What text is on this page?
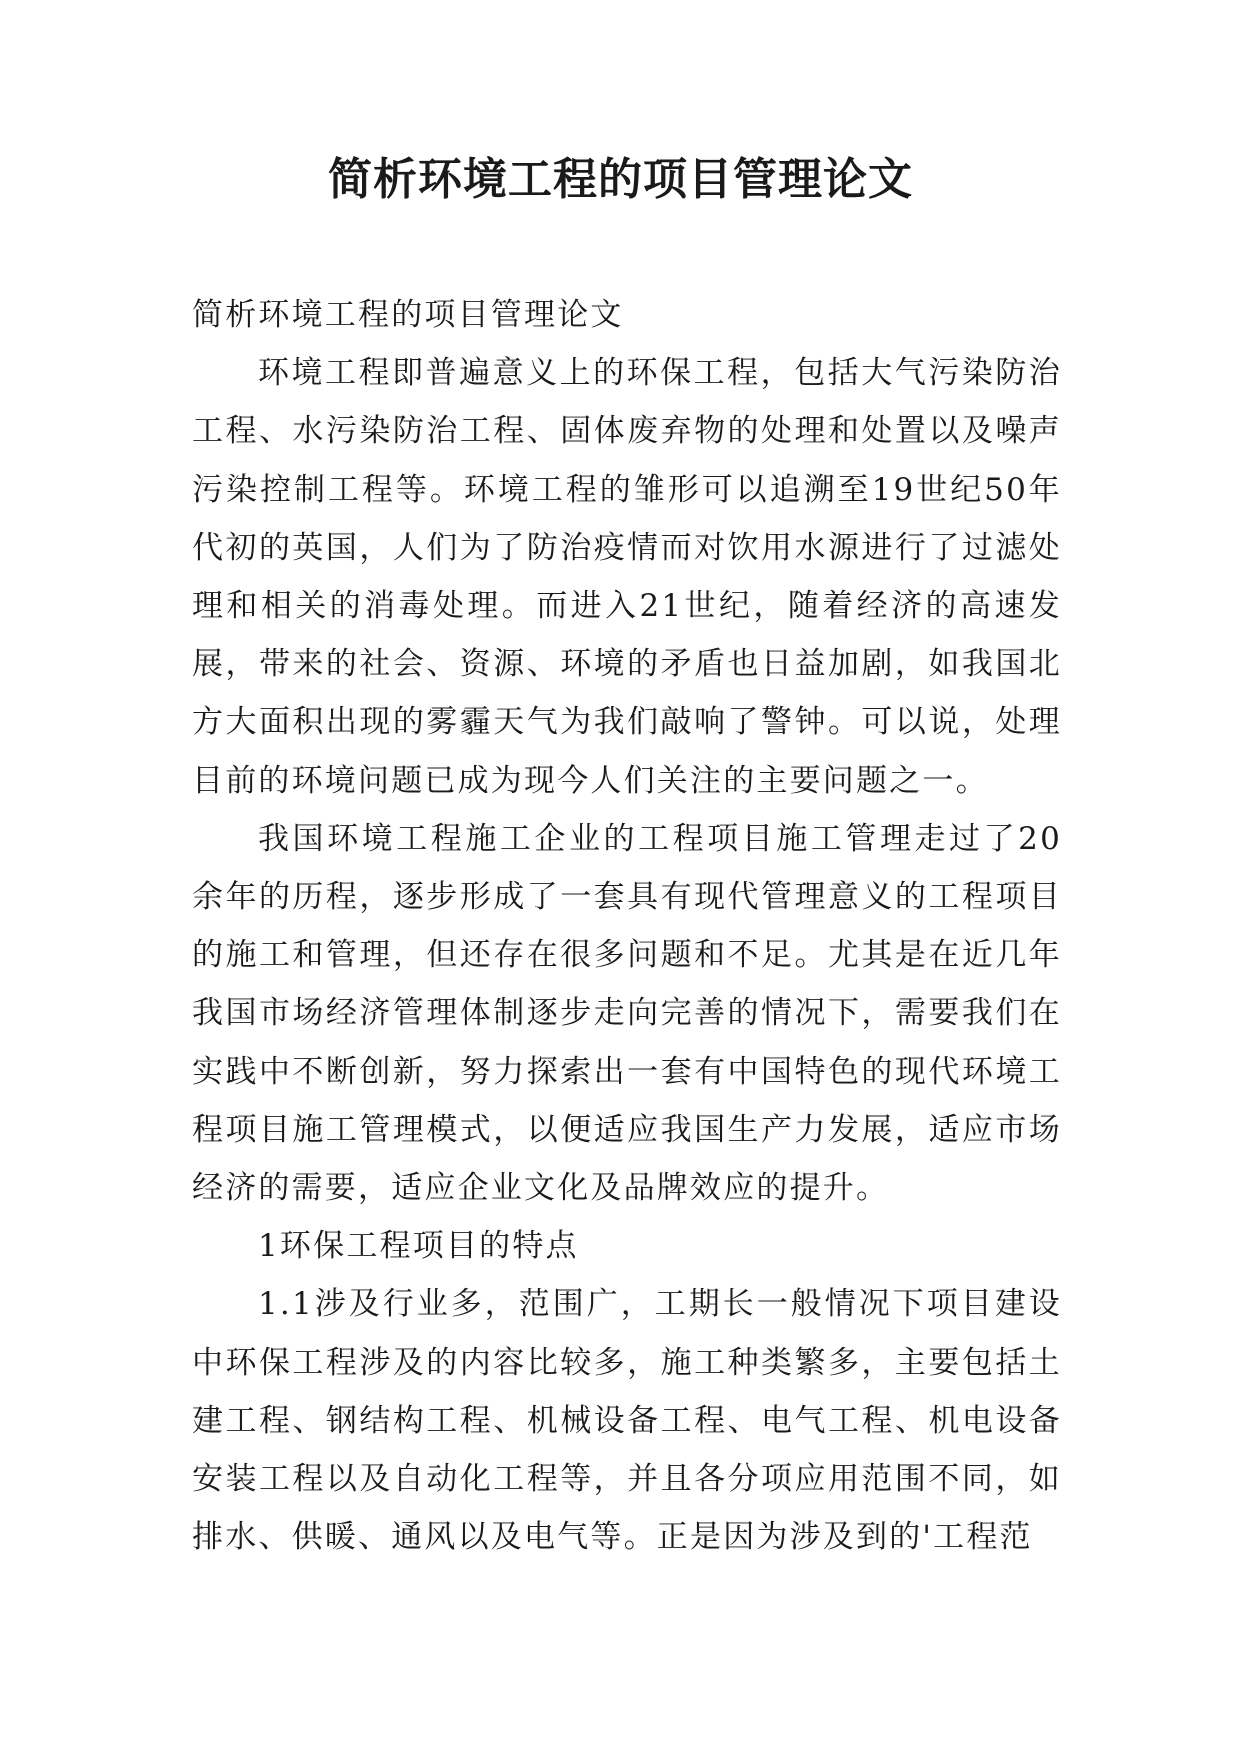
简析环境工程的项目管理论文

简析环境工程的项目管理论文

环境工程即普遍意义上的环保工程，包括大气污染防治工程、水污染防治工程、固体废弃物的处理和处置以及噪声污染控制工程等。环境工程的雏形可以追溯至19世纪50年代初的英国，人们为了防治疫情而对饮用水源进行了过滤处理和相关的消毒处理。而进入21世纪，随着经济的高速发展，带来的社会、资源、环境的矛盾也日益加剧，如我国北方大面积出现的雾霾天气为我们敲响了警钟。可以说，处理目前的环境问题已成为现今人们关注的主要问题之一。

我国环境工程施工企业的工程项目施工管理走过了20余年的历程，逐步形成了一套具有现代管理意义的工程项目的施工和管理，但还存在很多问题和不足。尤其是在近几年我国市场经济管理体制逐步走向完善的情况下，需要我们在实践中不断创新，努力探索出一套有中国特色的现代环境工程项目施工管理模式，以便适应我国生产力发展，适应市场经济的需要，适应企业文化及品牌效应的提升。

1环保工程项目的特点

1.1涉及行业多，范围广，工期长一般情况下项目建设中环保工程涉及的内容比较多，施工种类繁多，主要包括土建工程、钢结构工程、机械设备工程、电气工程、机电设备安装工程以及自动化工程等，并且各分项应用范围不同，如排水、供暖、通风以及电气等。正是因为涉及到的'工程范
